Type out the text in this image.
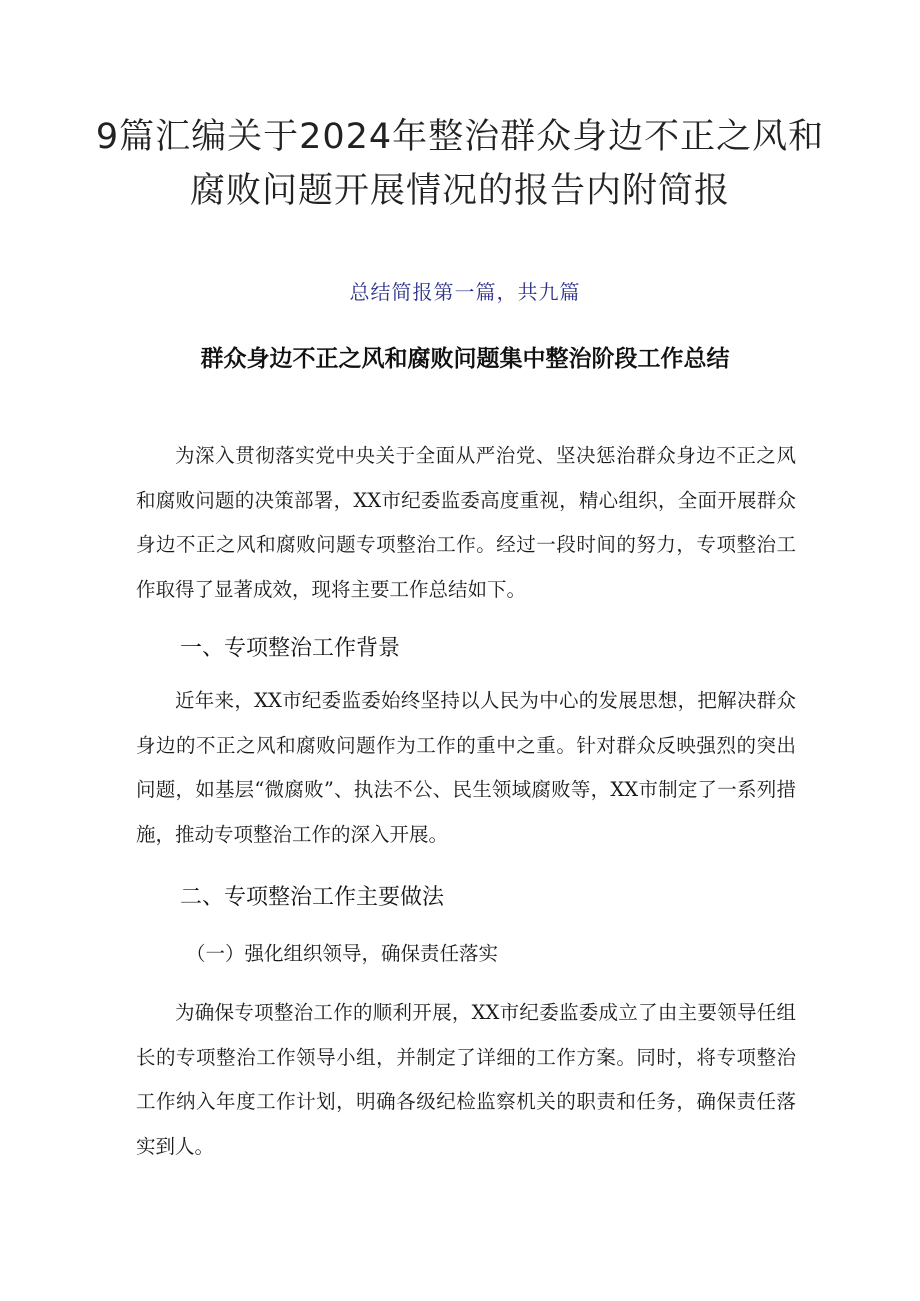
9篇汇编关于2024年整治群众身边不正之风和腐败问题开展情况的报告内附简报
总结简报第一篇，共九篇
群众身边不正之风和腐败问题集中整治阶段工作总结
为深入贯彻落实党中央关于全面从严治党、坚决惩治群众身边不正之风和腐败问题的决策部署，XX市纪委监委高度重视，精心组织，全面开展群众身边不正之风和腐败问题专项整治工作。经过一段时间的努力，专项整治工作取得了显著成效，现将主要工作总结如下。
一、专项整治工作背景
近年来，XX市纪委监委始终坚持以人民为中心的发展思想，把解决群众身边的不正之风和腐败问题作为工作的重中之重。针对群众反映强烈的突出问题，如基层“微腐败”、执法不公、民生领域腐败等，XX市制定了一系列措施，推动专项整治工作的深入开展。
二、专项整治工作主要做法
（一）强化组织领导，确保责任落实
为确保专项整治工作的顺利开展，XX市纪委监委成立了由主要领导任组长的专项整治工作领导小组，并制定了详细的工作方案。同时，将专项整治工作纳入年度工作计划，明确各级纪检监察机关的职责和任务，确保责任落实到人。
